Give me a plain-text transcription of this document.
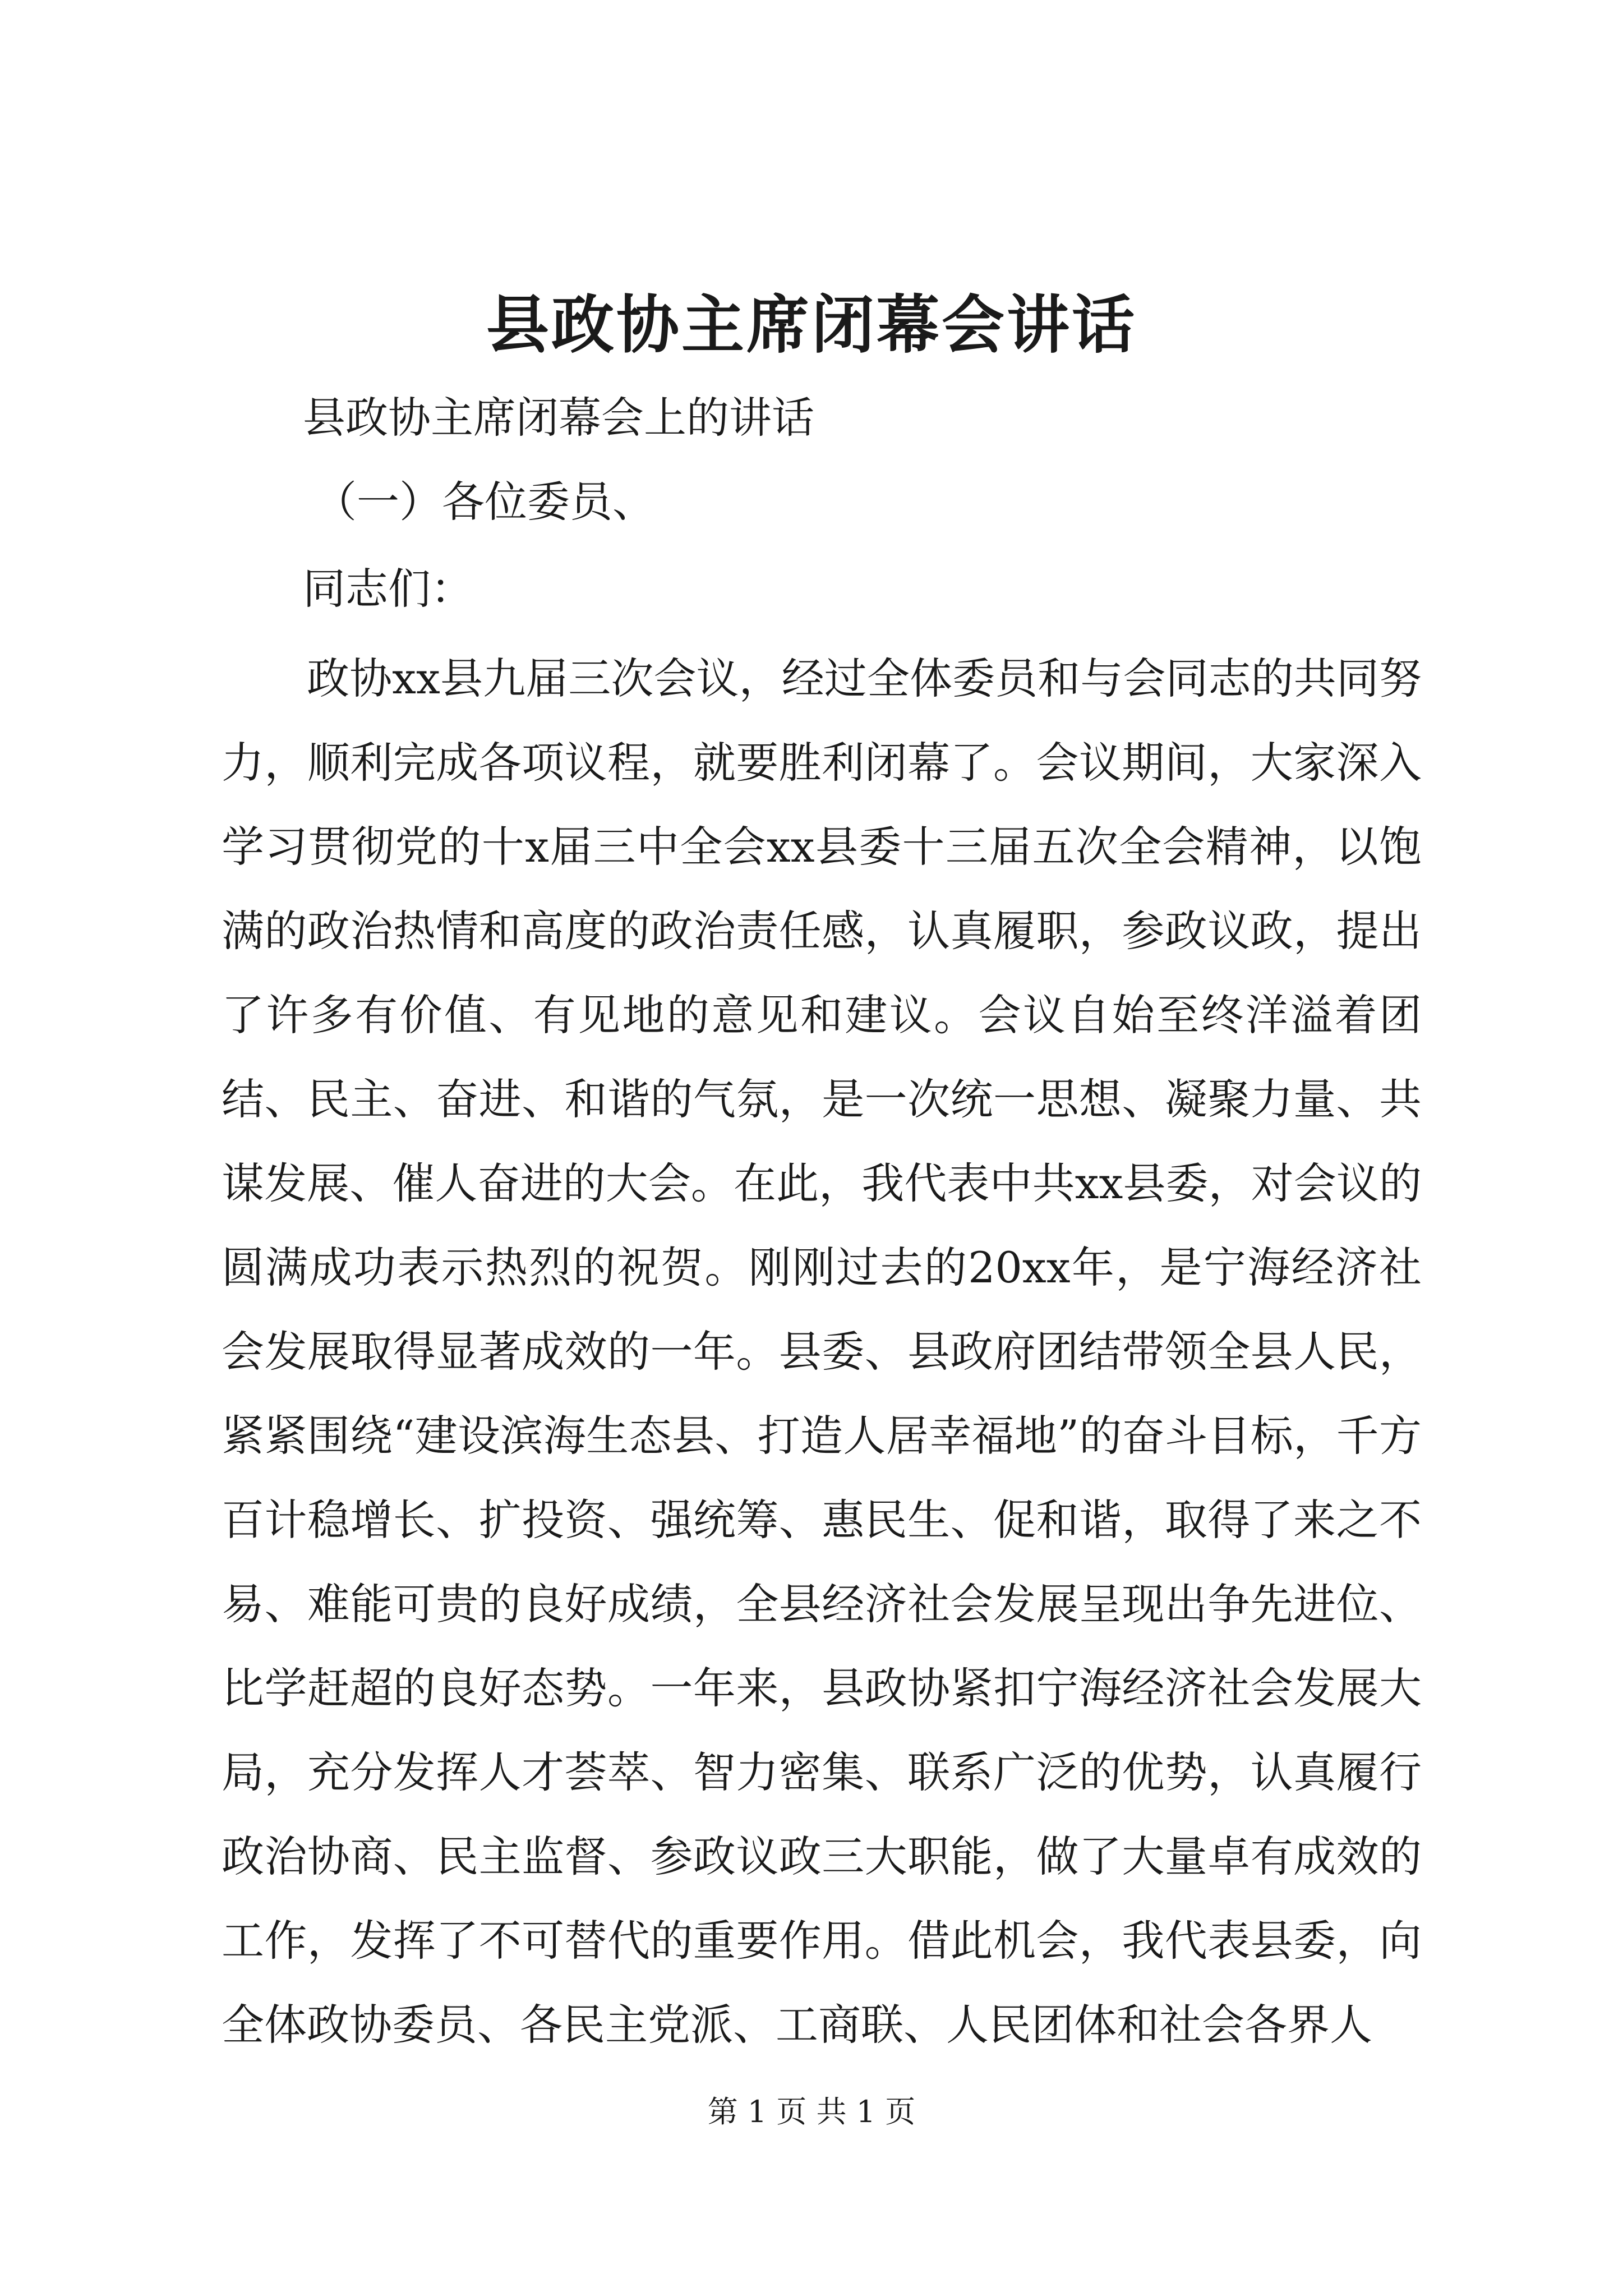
县政协主席闭幕会讲话
县政协主席闭幕会上的讲话
（一）各位委员、
同志们：

政协xx县九届三次会议，经过全体委员和与会同志的共同努力，顺利完成各项议程，就要胜利闭幕了。会议期间，大家深入学习贯彻党的十x届三中全会xx县委十三届五次全会精神，以饱满的政治热情和高度的政治责任感，认真履职，参政议政，提出了许多有价值、有见地的意见和建议。会议自始至终洋溢着团结、民主、奋进、和谐的气氛，是一次统一思想、凝聚力量、共谋发展、催人奋进的大会。在此，我代表中共xx县委，对会议的圆满成功表示热烈的祝贺。刚刚过去的20xx年，是宁海经济社会发展取得显著成效的一年。县委、县政府团结带领全县人民，紧紧围绕“建设滨海生态县、打造人居幸福地”的奋斗目标，千方百计稳增长、扩投资、强统筹、惠民生、促和谐，取得了来之不易、难能可贵的良好成绩，全县经济社会发展呈现出争先进位、比学赶超的良好态势。一年来，县政协紧扣宁海经济社会发展大局，充分发挥人才荟萃、智力密集、联系广泛的优势，认真履行政治协商、民主监督、参政议政三大职能，做了大量卓有成效的工作，发挥了不可替代的重要作用。借此机会，我代表县委，向全体政协委员、各民主党派、工商联、人民团体和社会各界人

第 1 页 共 1 页
